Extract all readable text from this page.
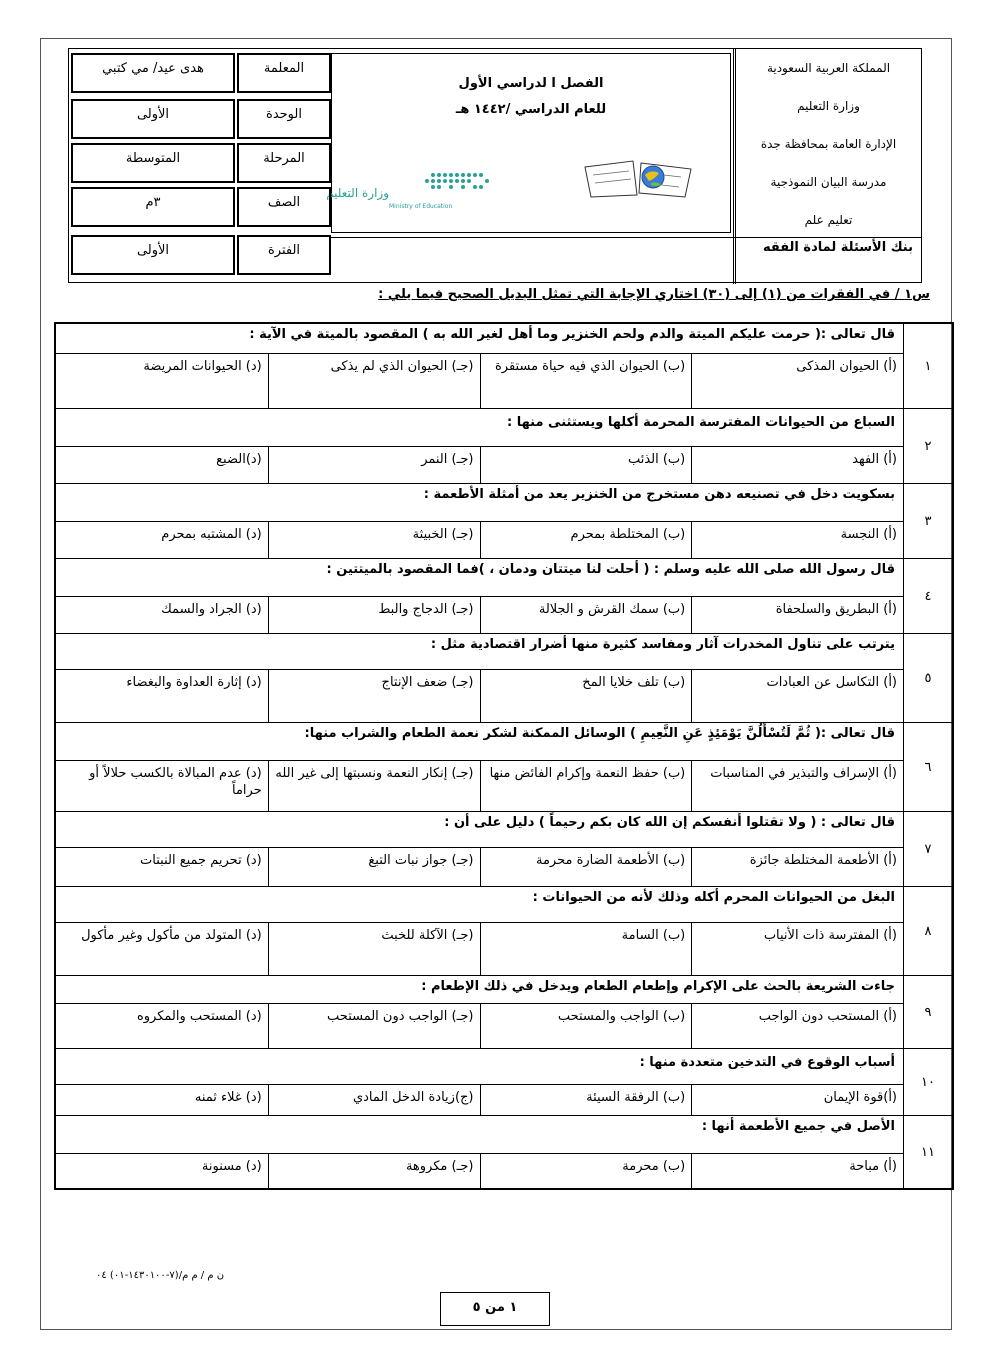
المملكة العربية السعودية
وزارة التعليم
الإدارة العامة بمحافظة جدة
مدرسة البيان النموذجية
تعليم علم
الفصل ا لدراسي الأول
للعام الدراسي /١٤٤٢ هـ
وزارة التعليم
Ministry of Education
المعلمة
هدى عيد/ مي كتبي
الوحدة
الأولى
المرحلة
المتوسطة
الصف
٣م
الفترة
الأولى	بنك الأسئلة لمادة الفقه
س١ / في الفقرات من (١) إلى (٣٠) اختاري الإجابة التي تمثل البديل الصحيح فيما يلي :
١
قال تعالى :( حرمت عليكم الميتة والدم ولحم الخنزير وما أهل لغير الله به ) المقصود بالميتة في الآية :
(أ) الحيوان المذكى
(ب) الحيوان الذي فيه حياة مستقرة
(جـ) الحيوان الذي لم يذكى
(د) الحيوانات المريضة
٢
السباع من الحيوانات المفترسة المحرمة أكلها ويستثنى منها :
(أ) الفهد
(ب) الذئب
(جـ) النمر
(د)الضبع
٣
بسكويت دخل في تصنيعه دهن مستخرج من الخنزير يعد من أمثلة الأطعمة :
(أ) النجسة
(ب) المختلطة بمحرم
(جـ) الخبيثة
(د) المشتبه بمحرم
٤
قال رسول الله صلى الله عليه وسلم : ( أحلت لنا ميتتان ودمان ، )فما المقصود بالميتتين :
(أ) البطريق والسلحفاة
(ب) سمك القرش و الجلالة
(جـ) الدجاج والبط
(د) الجراد والسمك
٥
يترتب على تناول المخدرات آثار ومفاسد كثيرة منها أضرار اقتصادية مثل :
(أ) التكاسل عن العبادات
(ب) تلف خلايا المخ
(جـ) ضعف الإنتاج
(د) إثارة العداوة والبغضاء
٦
قال تعالى :( ثُمَّ لَتُسْأَلُنَّ يَوْمَئِذٍ عَنِ النَّعِيمِ ) الوسائل الممكنة لشكر نعمة الطعام والشراب منها:
(أ) الإسراف والتبذير في المناسبات
(ب) حفظ النعمة وإكرام الفائض منها
(جـ) إنكار النعمة ونسبتها إلى غير الله
(د) عدم المبالاة بالكسب حلالاً أو حراماً
٧
قال تعالى : ( ولا تقتلوا أنفسكم إن الله كان بكم رحيماً ) دليل على أن :
(أ) الأطعمة المختلطة جائزة
(ب) الأطعمة الضارة محرمة
(جـ) جواز نبات التبغ
(د) تحريم جميع النبتات
٨
البغل من الحيوانات المحرم أكله وذلك لأنه من الحيوانات :
(أ) المفترسة ذات الأنياب
(ب) السامة
(جـ) الآكلة للخبث
(د) المتولد من مأكول وغير مأكول
٩
جاءت الشريعة بالحث على الإكرام وإطعام الطعام ويدخل في ذلك الإطعام :
(أ) المستحب دون الواجب
(ب) الواجب والمستحب
(جـ) الواجب دون المستحب
(د) المستحب والمكروه
١٠
أسباب الوقوع في التدخين متعددة منها :
(أ)قوة الإيمان
(ب) الرفقة السيئة
(ج)زيادة الدخل المادي
(د) غلاء ثمنه
١١
الأصل في جميع الأطعمة أنها :
(أ) مباحة
(ب) محرمة
(جـ) مكروهة
(د) مسنونة
ن م / م م/(٧-١٤٣٠١٠٠-٠١) ٠٤
١ من ٥
